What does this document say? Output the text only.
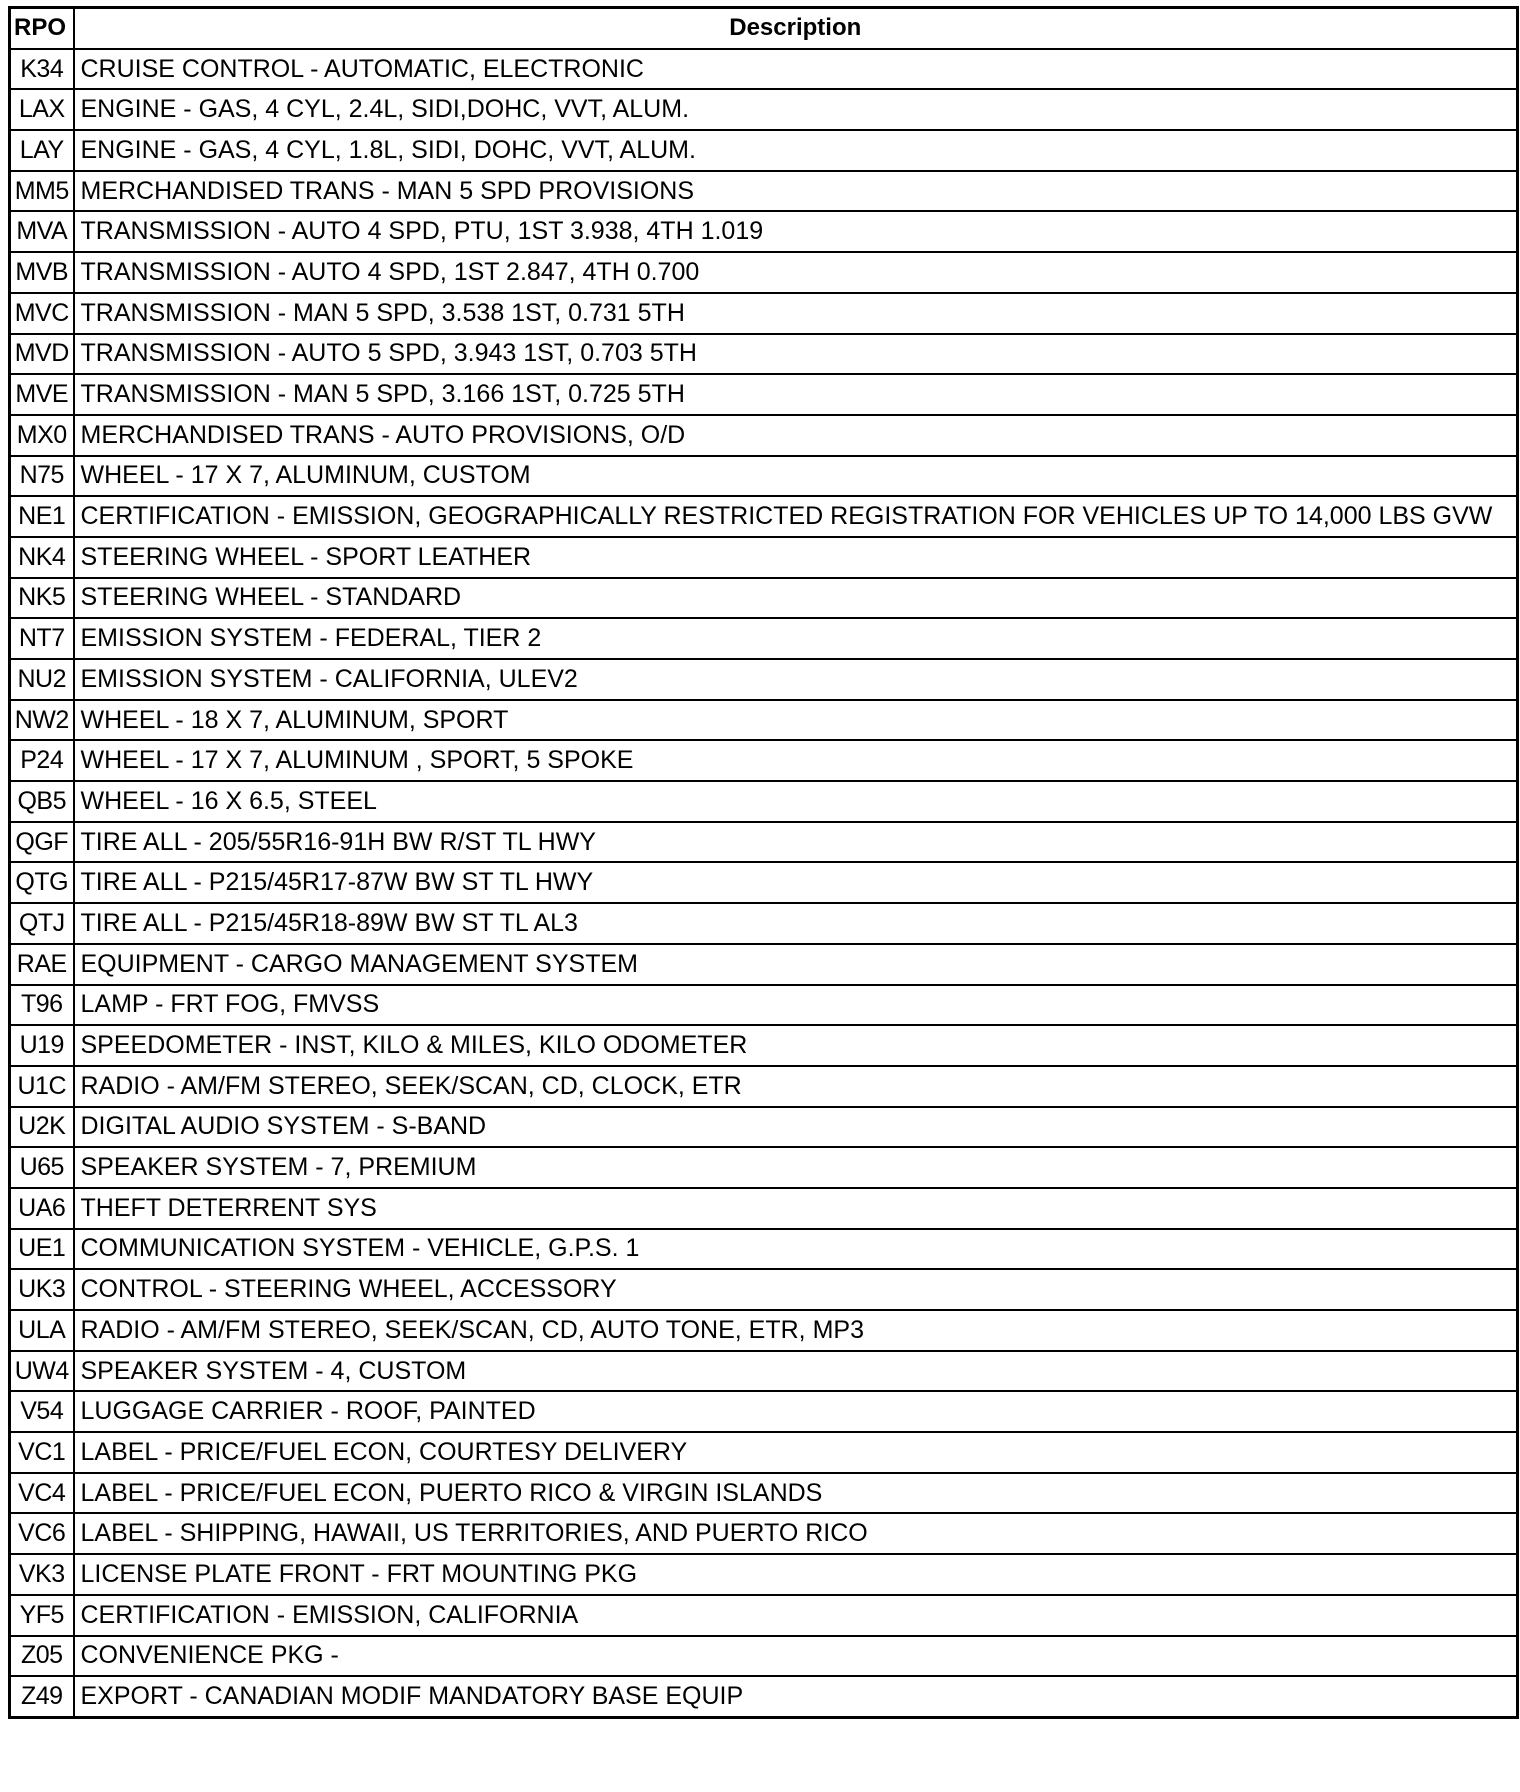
RPO	Description
K34	CRUISE CONTROL - AUTOMATIC, ELECTRONIC
LAX	ENGINE - GAS, 4 CYL, 2.4L, SIDI,DOHC, VVT, ALUM.
LAY	ENGINE - GAS, 4 CYL, 1.8L, SIDI, DOHC, VVT, ALUM.
MM5	MERCHANDISED TRANS - MAN 5 SPD PROVISIONS
MVA	TRANSMISSION - AUTO 4 SPD, PTU, 1ST 3.938, 4TH 1.019
MVB	TRANSMISSION - AUTO 4 SPD, 1ST 2.847, 4TH 0.700
MVC	TRANSMISSION - MAN 5 SPD, 3.538 1ST, 0.731 5TH
MVD	TRANSMISSION - AUTO 5 SPD, 3.943 1ST, 0.703 5TH
MVE	TRANSMISSION - MAN 5 SPD, 3.166 1ST, 0.725 5TH
MX0	MERCHANDISED TRANS - AUTO PROVISIONS, O/D
N75	WHEEL - 17 X 7, ALUMINUM, CUSTOM
NE1	CERTIFICATION - EMISSION, GEOGRAPHICALLY RESTRICTED REGISTRATION FOR VEHICLES UP TO 14,000 LBS GVW
NK4	STEERING WHEEL - SPORT LEATHER
NK5	STEERING WHEEL - STANDARD
NT7	EMISSION SYSTEM - FEDERAL, TIER 2
NU2	EMISSION SYSTEM - CALIFORNIA, ULEV2
NW2	WHEEL - 18 X 7, ALUMINUM, SPORT
P24	WHEEL - 17 X 7, ALUMINUM , SPORT, 5 SPOKE
QB5	WHEEL - 16 X 6.5, STEEL
QGF	TIRE ALL - 205/55R16-91H BW R/ST TL HWY
QTG	TIRE ALL - P215/45R17-87W BW ST TL HWY
QTJ	TIRE ALL - P215/45R18-89W BW ST TL AL3
RAE	EQUIPMENT - CARGO MANAGEMENT SYSTEM
T96	LAMP - FRT FOG, FMVSS
U19	SPEEDOMETER - INST, KILO & MILES, KILO ODOMETER
U1C	RADIO - AM/FM STEREO, SEEK/SCAN, CD, CLOCK, ETR
U2K	DIGITAL AUDIO SYSTEM - S-BAND
U65	SPEAKER SYSTEM - 7, PREMIUM
UA6	THEFT DETERRENT SYS
UE1	COMMUNICATION SYSTEM - VEHICLE, G.P.S. 1
UK3	CONTROL - STEERING WHEEL, ACCESSORY
ULA	RADIO - AM/FM STEREO, SEEK/SCAN, CD, AUTO TONE, ETR, MP3
UW4	SPEAKER SYSTEM - 4, CUSTOM
V54	LUGGAGE CARRIER - ROOF, PAINTED
VC1	LABEL - PRICE/FUEL ECON, COURTESY DELIVERY
VC4	LABEL - PRICE/FUEL ECON, PUERTO RICO & VIRGIN ISLANDS
VC6	LABEL - SHIPPING, HAWAII, US TERRITORIES, AND PUERTO RICO
VK3	LICENSE PLATE FRONT - FRT MOUNTING PKG
YF5	CERTIFICATION - EMISSION, CALIFORNIA
Z05	CONVENIENCE PKG -
Z49	EXPORT - CANADIAN MODIF MANDATORY BASE EQUIP
